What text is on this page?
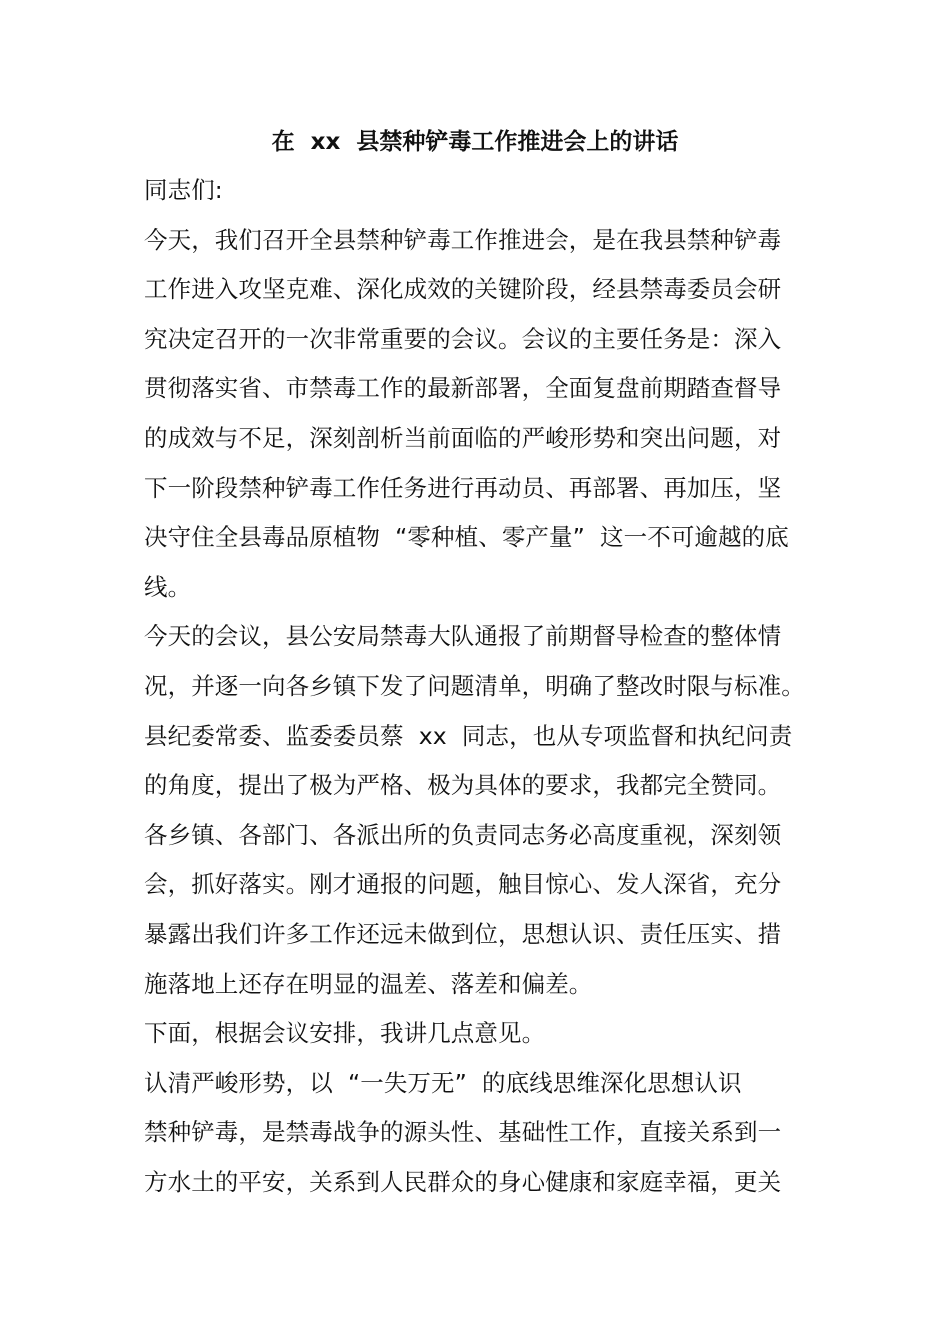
在  xx  县禁种铲毒工作推进会上的讲话
同志们:
今天，我们召开全县禁种铲毒工作推进会，是在我县禁种铲毒
工作进入攻坚克难、深化成效的关键阶段，经县禁毒委员会研
究决定召开的一次非常重要的会议。会议的主要任务是：深入
贯彻落实省、市禁毒工作的最新部署，全面复盘前期踏查督导
的成效与不足，深刻剖析当前面临的严峻形势和突出问题，对
下一阶段禁种铲毒工作任务进行再动员、再部署、再加压，坚
决守住全县毒品原植物  “零种植、零产量”  这一不可逾越的底
线。
今天的会议，县公安局禁毒大队通报了前期督导检查的整体情
况，并逐一向各乡镇下发了问题清单，明确了整改时限与标准。
县纪委常委、监委委员蔡  xx  同志，也从专项监督和执纪问责
的角度，提出了极为严格、极为具体的要求，我都完全赞同。
各乡镇、各部门、各派出所的负责同志务必高度重视，深刻领
会，抓好落实。刚才通报的问题，触目惊心、发人深省，充分
暴露出我们许多工作还远未做到位，思想认识、责任压实、措
施落地上还存在明显的温差、落差和偏差。
下面，根据会议安排，我讲几点意见。
认清严峻形势，以  “一失万无”  的底线思维深化思想认识
禁种铲毒，是禁毒战争的源头性、基础性工作，直接关系到一
方水土的平安，关系到人民群众的身心健康和家庭幸福，更关
